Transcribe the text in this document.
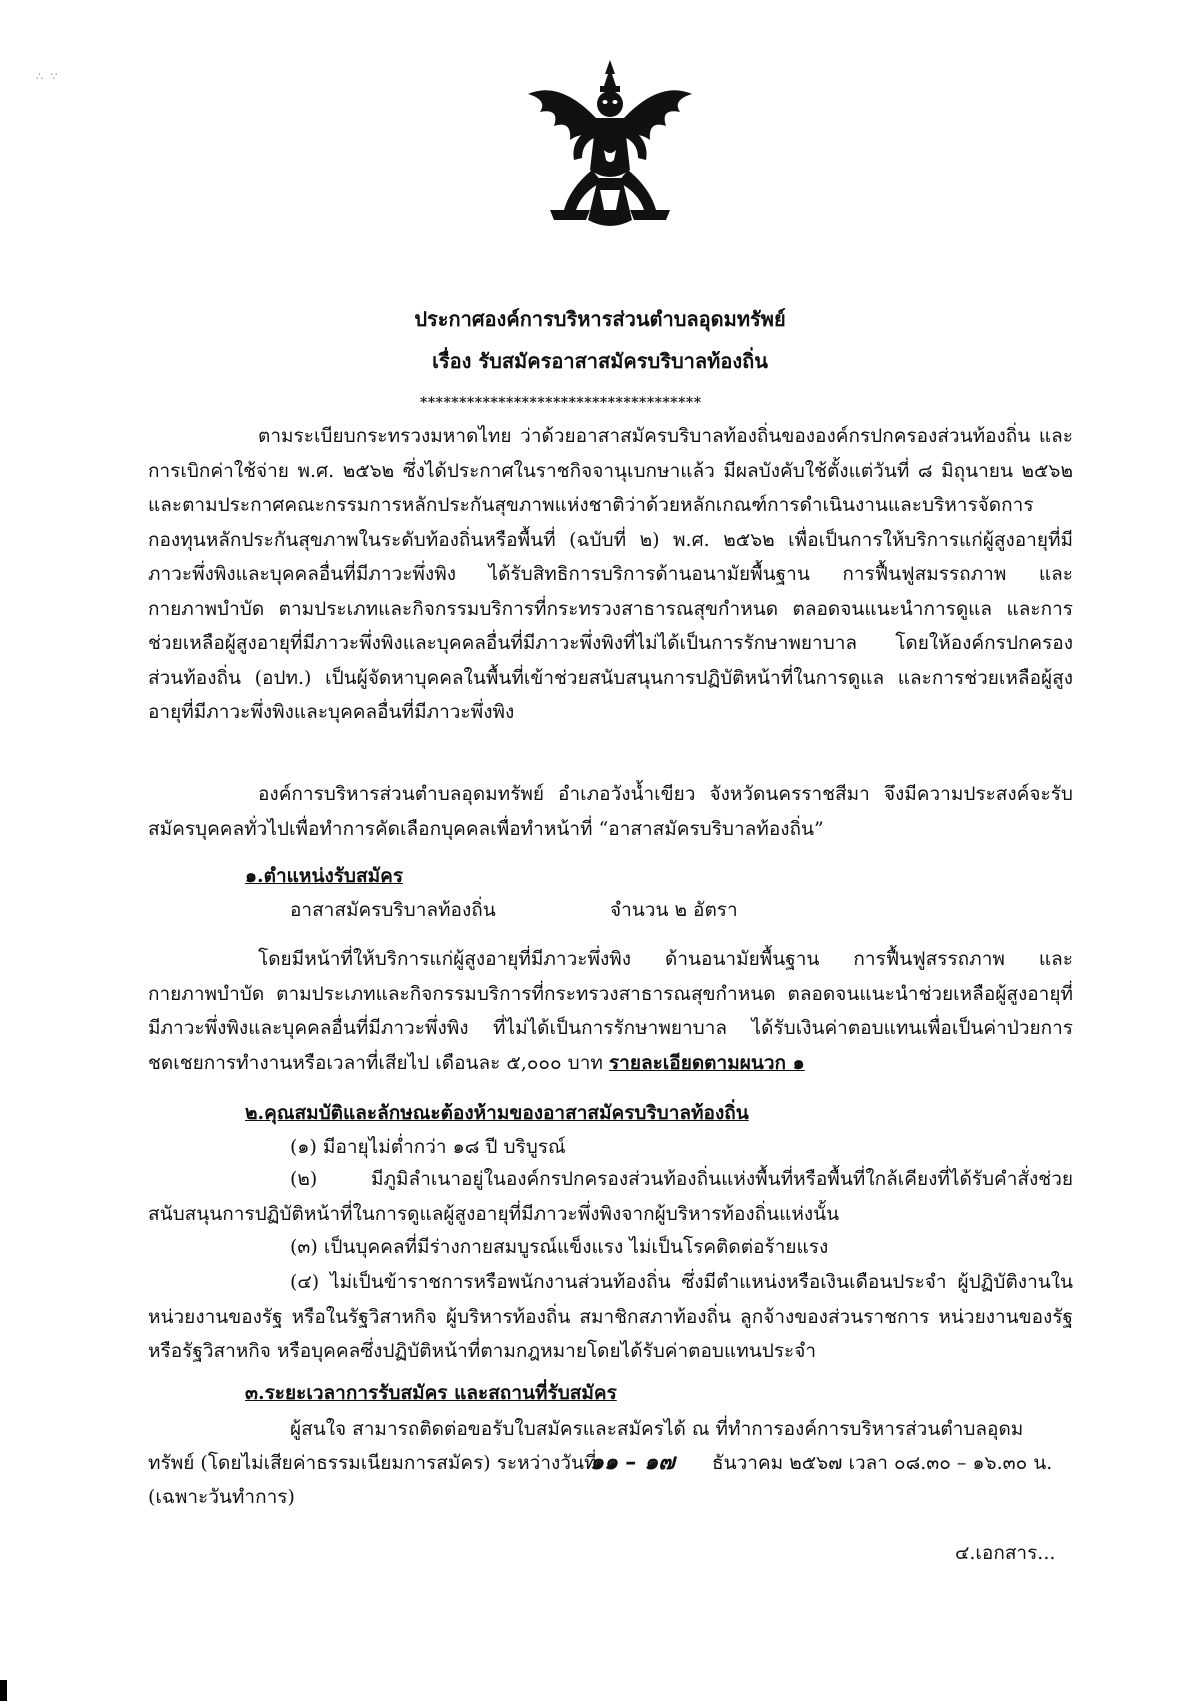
∴ ∵
ประกาศองค์การบริหารส่วนตำบลอุดมทรัพย์
เรื่อง รับสมัครอาสาสมัครบริบาลท้องถิ่น
************************************
ตามระเบียบกระทรวงมหาดไทย ว่าด้วยอาสาสมัครบริบาลท้องถิ่นขององค์กรปกครองส่วนท้องถิ่น และการเบิกค่าใช้จ่าย พ.ศ. ๒๕๖๒ ซึ่งได้ประกาศในราชกิจจานุเบกษาแล้ว มีผลบังคับใช้ตั้งแต่วันที่ ๘ มิถุนายน ๒๕๖๒ และตามประกาศคณะกรรมการหลักประกันสุขภาพแห่งชาติว่าด้วยหลักเกณฑ์การดำเนินงานและบริหารจัดการกองทุนหลักประกันสุขภาพในระดับท้องถิ่นหรือพื้นที่ (ฉบับที่ ๒) พ.ศ. ๒๕๖๒ เพื่อเป็นการให้บริการแก่ผู้สูงอายุที่มีภาวะพึ่งพิงและบุคคลอื่นที่มีภาวะพึ่งพิง ได้รับสิทธิการบริการด้านอนามัยพื้นฐาน การฟื้นฟูสมรรถภาพ และกายภาพบำบัด ตามประเภทและกิจกรรมบริการที่กระทรวงสาธารณสุขกำหนด ตลอดจนแนะนำการดูแล และการช่วยเหลือผู้สูงอายุที่มีภาวะพึ่งพิงและบุคคลอื่นที่มีภาวะพึ่งพิงที่ไม่ได้เป็นการรักษาพยาบาล โดยให้องค์กรปกครองส่วนท้องถิ่น (อปท.) เป็นผู้จัดหาบุคคลในพื้นที่เข้าช่วยสนับสนุนการปฏิบัติหน้าที่ในการดูแล และการช่วยเหลือผู้สูงอายุที่มีภาวะพึ่งพิงและบุคคลอื่นที่มีภาวะพึ่งพิง
องค์การบริหารส่วนตำบลอุดมทรัพย์ อำเภอวังน้ำเขียว จังหวัดนครราชสีมา จึงมีความประสงค์จะรับสมัครบุคคลทั่วไปเพื่อทำการคัดเลือกบุคคลเพื่อทำหน้าที่ “อาสาสมัครบริบาลท้องถิ่น”
๑.ตำแหน่งรับสมัคร
อาสาสมัครบริบาลท้องถิ่น	จำนวน ๒ อัตรา
โดยมีหน้าที่ให้บริการแก่ผู้สูงอายุที่มีภาวะพึ่งพิง ด้านอนามัยพื้นฐาน การฟื้นฟูสรรถภาพ และกายภาพบำบัด ตามประเภทและกิจกรรมบริการที่กระทรวงสาธารณสุขกำหนด ตลอดจนแนะนำช่วยเหลือผู้สูงอายุที่มีภาวะพึ่งพิงและบุคคลอื่นที่มีภาวะพึ่งพิง ที่ไม่ได้เป็นการรักษาพยาบาล ได้รับเงินค่าตอบแทนเพื่อเป็นค่าป่วยการชดเชยการทำงานหรือเวลาที่เสียไป เดือนละ ๕,๐๐๐ บาท รายละเอียดตามผนวก ๑
๒.คุณสมบัติและลักษณะต้องห้ามของอาสาสมัครบริบาลท้องถิ่น
(๑) มีอายุไม่ต่ำกว่า ๑๘ ปี บริบูรณ์
(๒) มีภูมิลำเนาอยู่ในองค์กรปกครองส่วนท้องถิ่นแห่งพื้นที่หรือพื้นที่ใกล้เคียงที่ได้รับคำสั่งช่วยสนับสนุนการปฏิบัติหน้าที่ในการดูแลผู้สูงอายุที่มีภาวะพึ่งพิงจากผู้บริหารท้องถิ่นแห่งนั้น
(๓) เป็นบุคคลที่มีร่างกายสมบูรณ์แข็งแรง ไม่เป็นโรคติดต่อร้ายแรง
(๔) ไม่เป็นข้าราชการหรือพนักงานส่วนท้องถิ่น ซึ่งมีตำแหน่งหรือเงินเดือนประจำ ผู้ปฏิบัติงานในหน่วยงานของรัฐ หรือในรัฐวิสาหกิจ ผู้บริหารท้องถิ่น สมาชิกสภาท้องถิ่น ลูกจ้างของส่วนราชการ หน่วยงานของรัฐหรือรัฐวิสาหกิจ หรือบุคคลซึ่งปฏิบัติหน้าที่ตามกฎหมายโดยได้รับค่าตอบแทนประจำ
๓.ระยะเวลาการรับสมัคร และสถานที่รับสมัคร
ผู้สนใจ สามารถติดต่อขอรับใบสมัครและสมัครได้ ณ ที่ทำการองค์การบริหารส่วนตำบลอุดม
ทรัพย์ (โดยไม่เสียค่าธรรมเนียมการสมัคร) ระหว่างวันที่
๑๑ – ๑๗ ธันวาคม ๒๕๖๗ เวลา ๐๘.๓๐ – ๑๖.๓๐ น.
(เฉพาะวันทำการ)
๔.เอกสาร...
